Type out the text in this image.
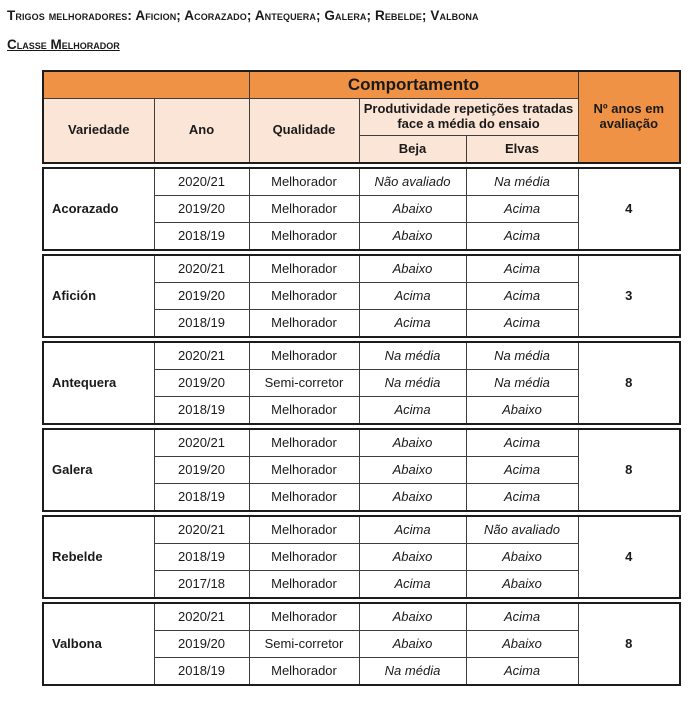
Trigos melhoradores: Aficion; Acorazado; Antequera; Galera; Rebelde; Valbona

Classe Melhorador

		Comportamento			Nº anos em avaliação
Variedade	Ano	Qualidade	Produtividade repetições tratadas face a média do ensaio		
			Beja	Elvas	
Acorazado	2020/21	Melhorador	Não avaliado	Na média	4
	2019/20	Melhorador	Abaixo	Acima	
	2018/19	Melhorador	Abaixo	Acima	
Afición	2020/21	Melhorador	Abaixo	Acima	3
	2019/20	Melhorador	Acima	Acima	
	2018/19	Melhorador	Acima	Acima	
Antequera	2020/21	Melhorador	Na média	Na média	8
	2019/20	Semi-corretor	Na média	Na média	
	2018/19	Melhorador	Acima	Abaixo	
Galera	2020/21	Melhorador	Abaixo	Acima	8
	2019/20	Melhorador	Abaixo	Acima	
	2018/19	Melhorador	Abaixo	Acima	
Rebelde	2020/21	Melhorador	Acima	Não avaliado	4
	2018/19	Melhorador	Abaixo	Abaixo	
	2017/18	Melhorador	Acima	Abaixo	
Valbona	2020/21	Melhorador	Abaixo	Acima	8
	2019/20	Semi-corretor	Abaixo	Abaixo	
	2018/19	Melhorador	Na média	Acima	
